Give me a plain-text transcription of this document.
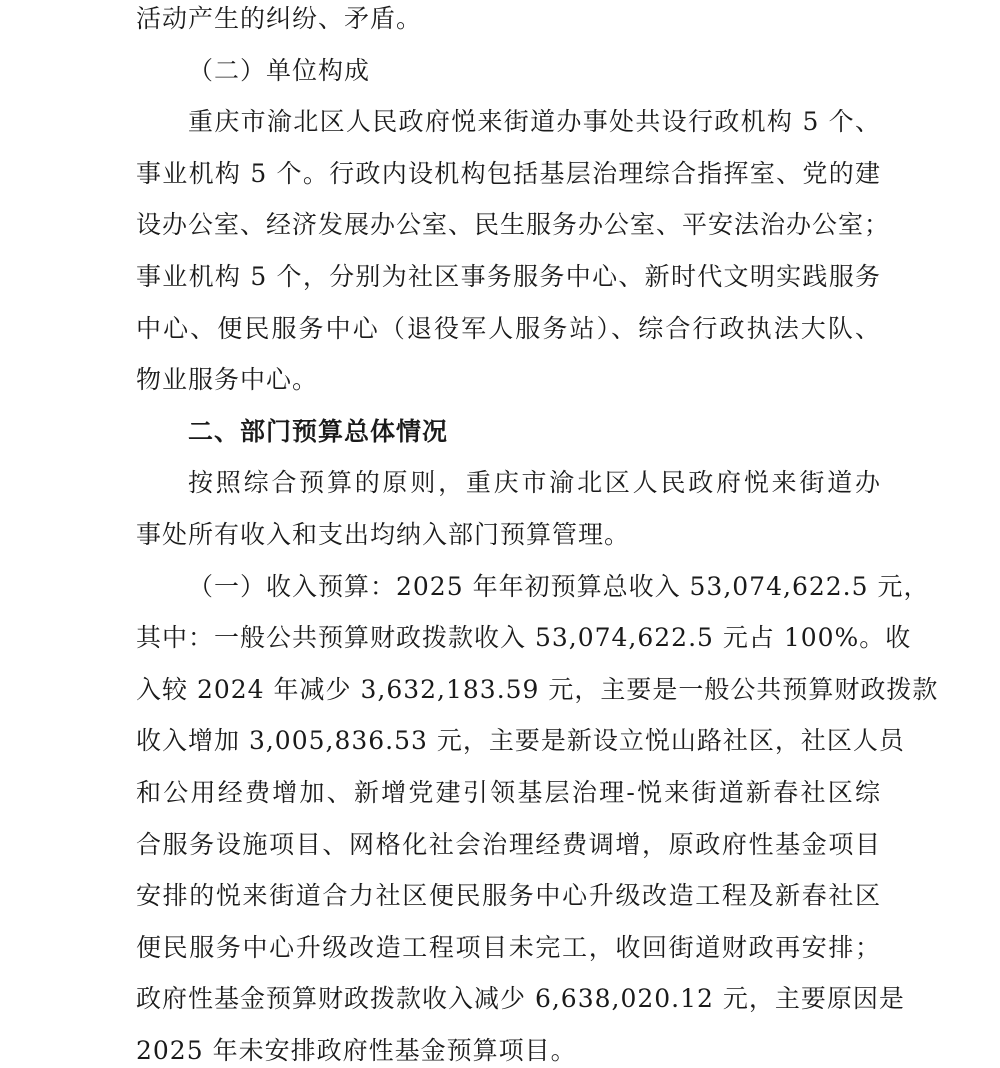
活动产生的纠纷、矛盾。
（二）单位构成
重庆市渝北区人民政府悦来街道办事处共设行政机构 5 个、
事业机构 5 个。行政内设机构包括基层治理综合指挥室、党的建
设办公室、经济发展办公室、民生服务办公室、平安法治办公室；
事业机构 5 个，分别为社区事务服务中心、新时代文明实践服务
中心、便民服务中心（退役军人服务站）、综合行政执法大队、
物业服务中心。
二、部门预算总体情况
按照综合预算的原则，重庆市渝北区人民政府悦来街道办
事处所有收入和支出均纳入部门预算管理。
（一）收入预算：2025 年年初预算总收入 53,074,622.5 元，
其中：一般公共预算财政拨款收入 53,074,622.5 元占 100%。收
入较 2024 年减少 3,632,183.59 元，主要是一般公共预算财政拨款
收入增加 3,005,836.53 元，主要是新设立悦山路社区，社区人员
和公用经费增加、新增党建引领基层治理-悦来街道新春社区综
合服务设施项目、网格化社会治理经费调增，原政府性基金项目
安排的悦来街道合力社区便民服务中心升级改造工程及新春社区
便民服务中心升级改造工程项目未完工，收回街道财政再安排；
政府性基金预算财政拨款收入减少 6,638,020.12 元，主要原因是
2025 年未安排政府性基金预算项目。
